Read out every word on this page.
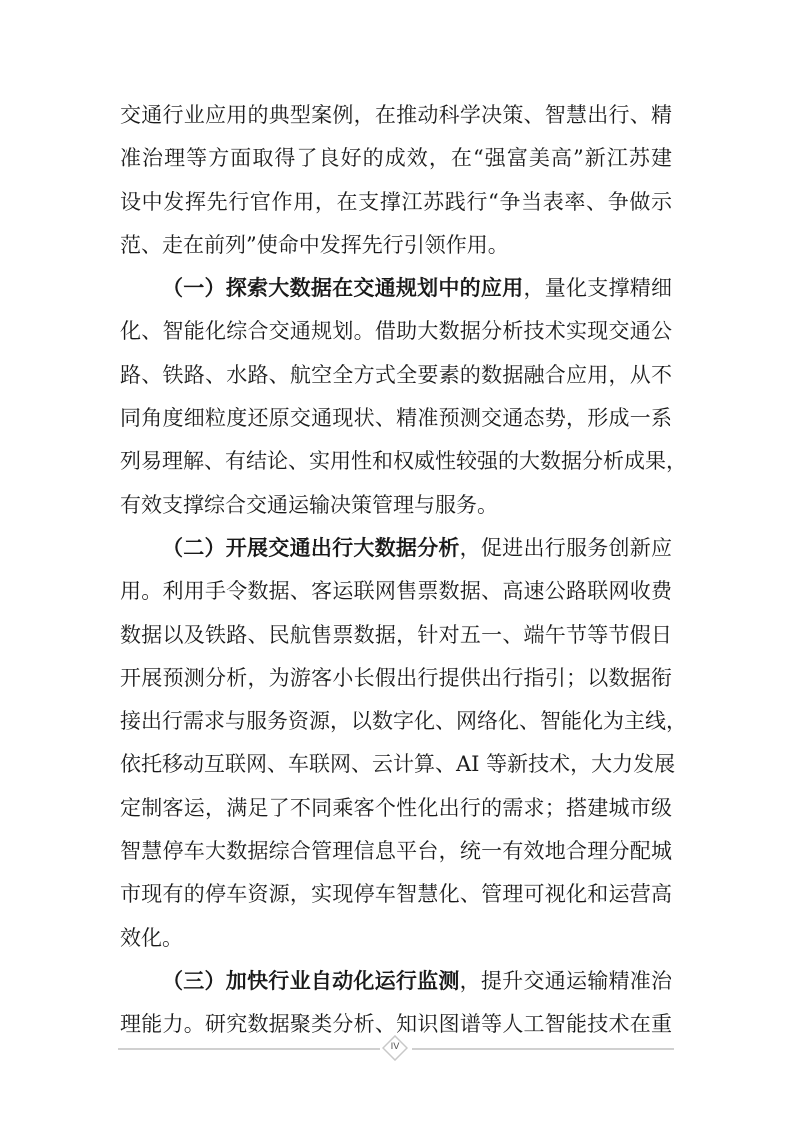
交通行业应用的典型案例，在推动科学决策、智慧出行、精
准治理等方面取得了良好的成效，在“强富美高”新江苏建
设中发挥先行官作用，在支撑江苏践行“争当表率、争做示
范、走在前列”使命中发挥先行引领作用。
（一）探索大数据在交通规划中的应用，量化支撑精细
化、智能化综合交通规划。借助大数据分析技术实现交通公
路、铁路、水路、航空全方式全要素的数据融合应用，从不
同角度细粒度还原交通现状、精准预测交通态势，形成一系
列易理解、有结论、实用性和权威性较强的大数据分析成果，
有效支撑综合交通运输决策管理与服务。
（二）开展交通出行大数据分析，促进出行服务创新应
用。利用手令数据、客运联网售票数据、高速公路联网收费
数据以及铁路、民航售票数据，针对五一、端午节等节假日
开展预测分析，为游客小长假出行提供出行指引；以数据衔
接出行需求与服务资源，以数字化、网络化、智能化为主线，
依托移动互联网、车联网、云计算、AI 等新技术，大力发展
定制客运，满足了不同乘客个性化出行的需求；搭建城市级
智慧停车大数据综合管理信息平台，统一有效地合理分配城
市现有的停车资源，实现停车智慧化、管理可视化和运营高
效化。
（三）加快行业自动化运行监测，提升交通运输精准治
理能力。研究数据聚类分析、知识图谱等人工智能技术在重
IV
